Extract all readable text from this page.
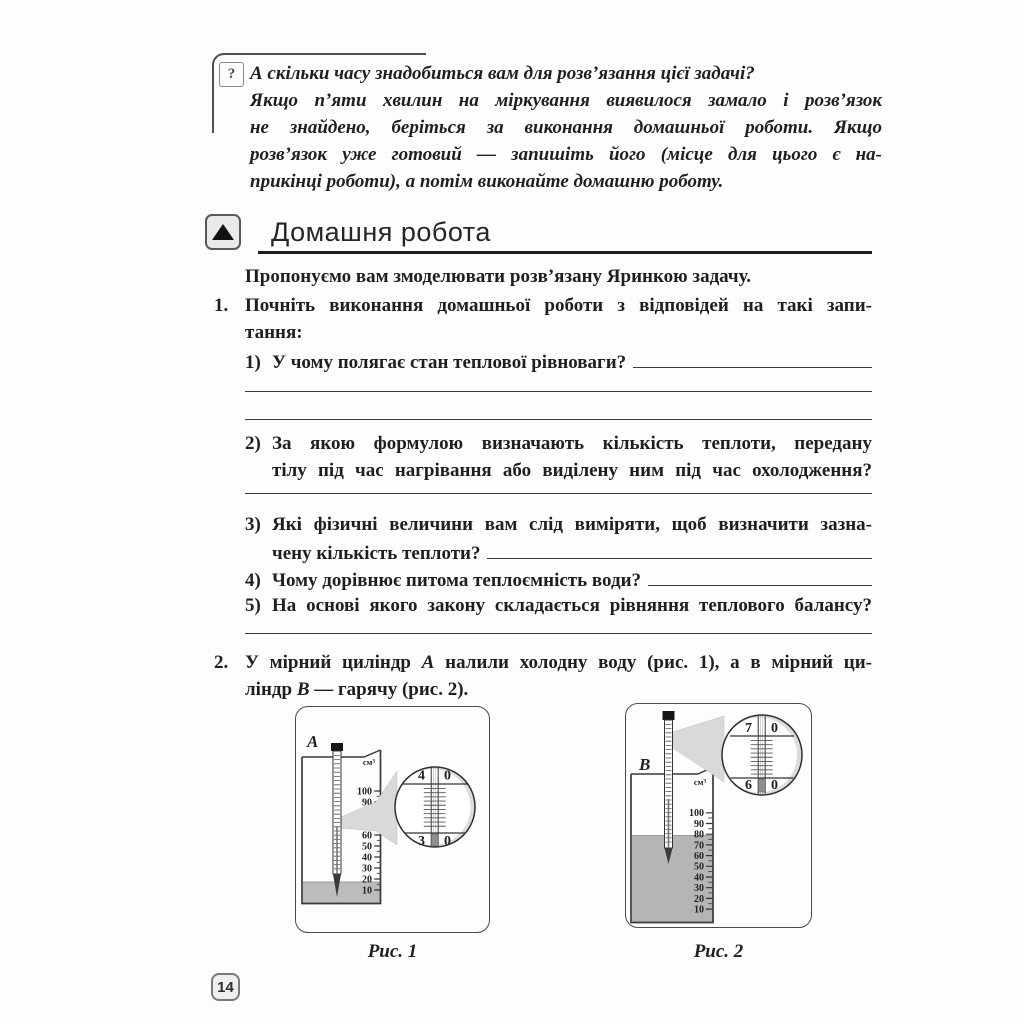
? А скільки часу знадобиться вам для розв’язання цієї задачі?
Якщо п’яти хвилин на міркування виявилося замало і розв’язок
не знайдено, беріться за виконання домашньої роботи. Якщо
розв’язок уже готовий — запишіть його (місце для цього є на-
прикінці роботи), а потім виконайте домашню роботу.
Домашня робота
Пропонуємо вам змоделювати розв’язану Яринкою задачу.
1. Почніть виконання домашньої роботи з відповідей на такі запи-
тання:
1) У чому полягає стан теплової рівноваги?
2) За якою формулою визначають кількість теплоти, передану
тілу під час нагрівання або виділену ним під час охолодження?
3) Які фізичні величини вам слід виміряти, щоб визначити зазна-
чену кількість теплоти?
4) Чому дорівнює питома теплоємність води?
5) На основі якого закону складається рівняння теплового балансу?
2. У мірний циліндр A налили холодну воду (рис. 1), а в мірний ци-
ліндр B — гарячу (рис. 2).
100
90
60
50
40
30
20
10
см³
A
4 0
3 0
Рис. 1
100
90
80
70
60
50
40
30
20
10
см³
B
7 0
6 0
Рис. 2
14
